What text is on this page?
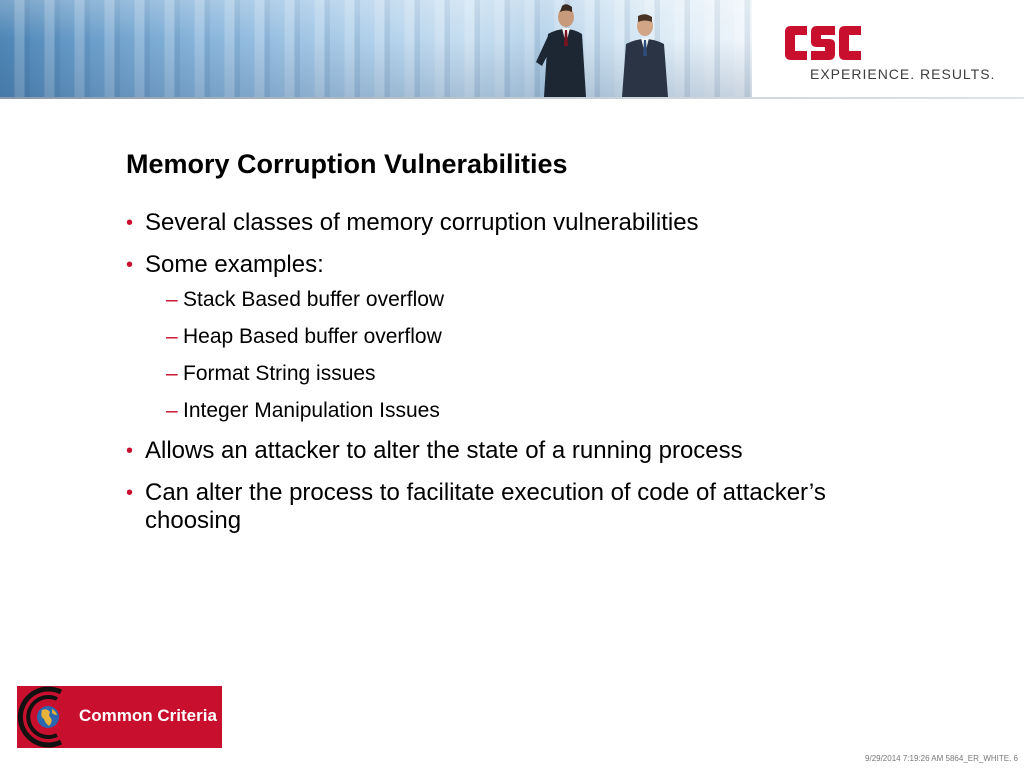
EXPERIENCE. RESULTS.
Memory Corruption Vulnerabilities
• Several classes of memory corruption vulnerabilities
• Some examples:
– Stack Based buffer overflow
– Heap Based buffer overflow
– Format String issues
– Integer Manipulation Issues
• Allows an attacker to alter the state of a running process
• Can alter the process to facilitate execution of code of attacker’s choosing
Common Criteria
9/29/2014 7:19:26 AM 5864_ER_WHITE. 6
